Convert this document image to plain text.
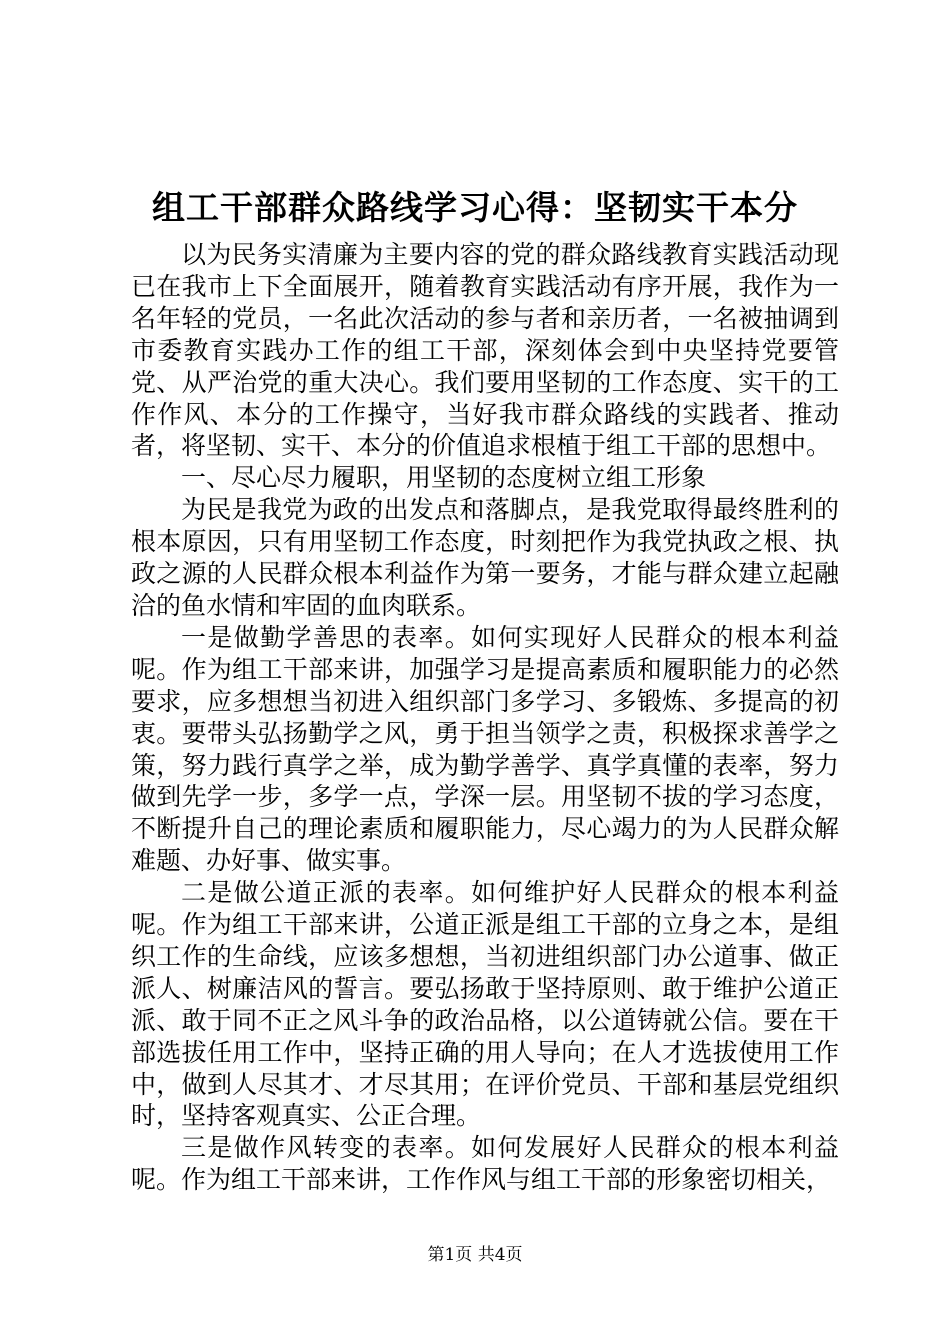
组工干部群众路线学习心得：坚韧实干本分

以为民务实清廉为主要内容的党的群众路线教育实践活动现已在我市上下全面展开，随着教育实践活动有序开展，我作为一名年轻的党员，一名此次活动的参与者和亲历者，一名被抽调到市委教育实践办工作的组工干部，深刻体会到中央坚持党要管党、从严治党的重大决心。我们要用坚韧的工作态度、实干的工作作风、本分的工作操守，当好我市群众路线的实践者、推动者，将坚韧、实干、本分的价值追求根植于组工干部的思想中。

一、尽心尽力履职，用坚韧的态度树立组工形象

为民是我党为政的出发点和落脚点，是我党取得最终胜利的根本原因，只有用坚韧工作态度，时刻把作为我党执政之根、执政之源的人民群众根本利益作为第一要务，才能与群众建立起融洽的鱼水情和牢固的血肉联系。

一是做勤学善思的表率。如何实现好人民群众的根本利益呢。作为组工干部来讲，加强学习是提高素质和履职能力的必然要求，应多想想当初进入组织部门多学习、多锻炼、多提高的初衷。要带头弘扬勤学之风，勇于担当领学之责，积极探求善学之策，努力践行真学之举，成为勤学善学、真学真懂的表率，努力做到先学一步，多学一点，学深一层。用坚韧不拔的学习态度，不断提升自己的理论素质和履职能力，尽心竭力的为人民群众解难题、办好事、做实事。

二是做公道正派的表率。如何维护好人民群众的根本利益呢。作为组工干部来讲，公道正派是组工干部的立身之本，是组织工作的生命线，应该多想想，当初进组织部门办公道事、做正派人、树廉洁风的誓言。要弘扬敢于坚持原则、敢于维护公道正派、敢于同不正之风斗争的政治品格，以公道铸就公信。要在干部选拔任用工作中，坚持正确的用人导向；在人才选拔使用工作中，做到人尽其才、才尽其用；在评价党员、干部和基层党组织时，坚持客观真实、公正合理。

三是做作风转变的表率。如何发展好人民群众的根本利益呢。作为组工干部来讲，工作作风与组工干部的形象密切相关，

第1页 共4页
